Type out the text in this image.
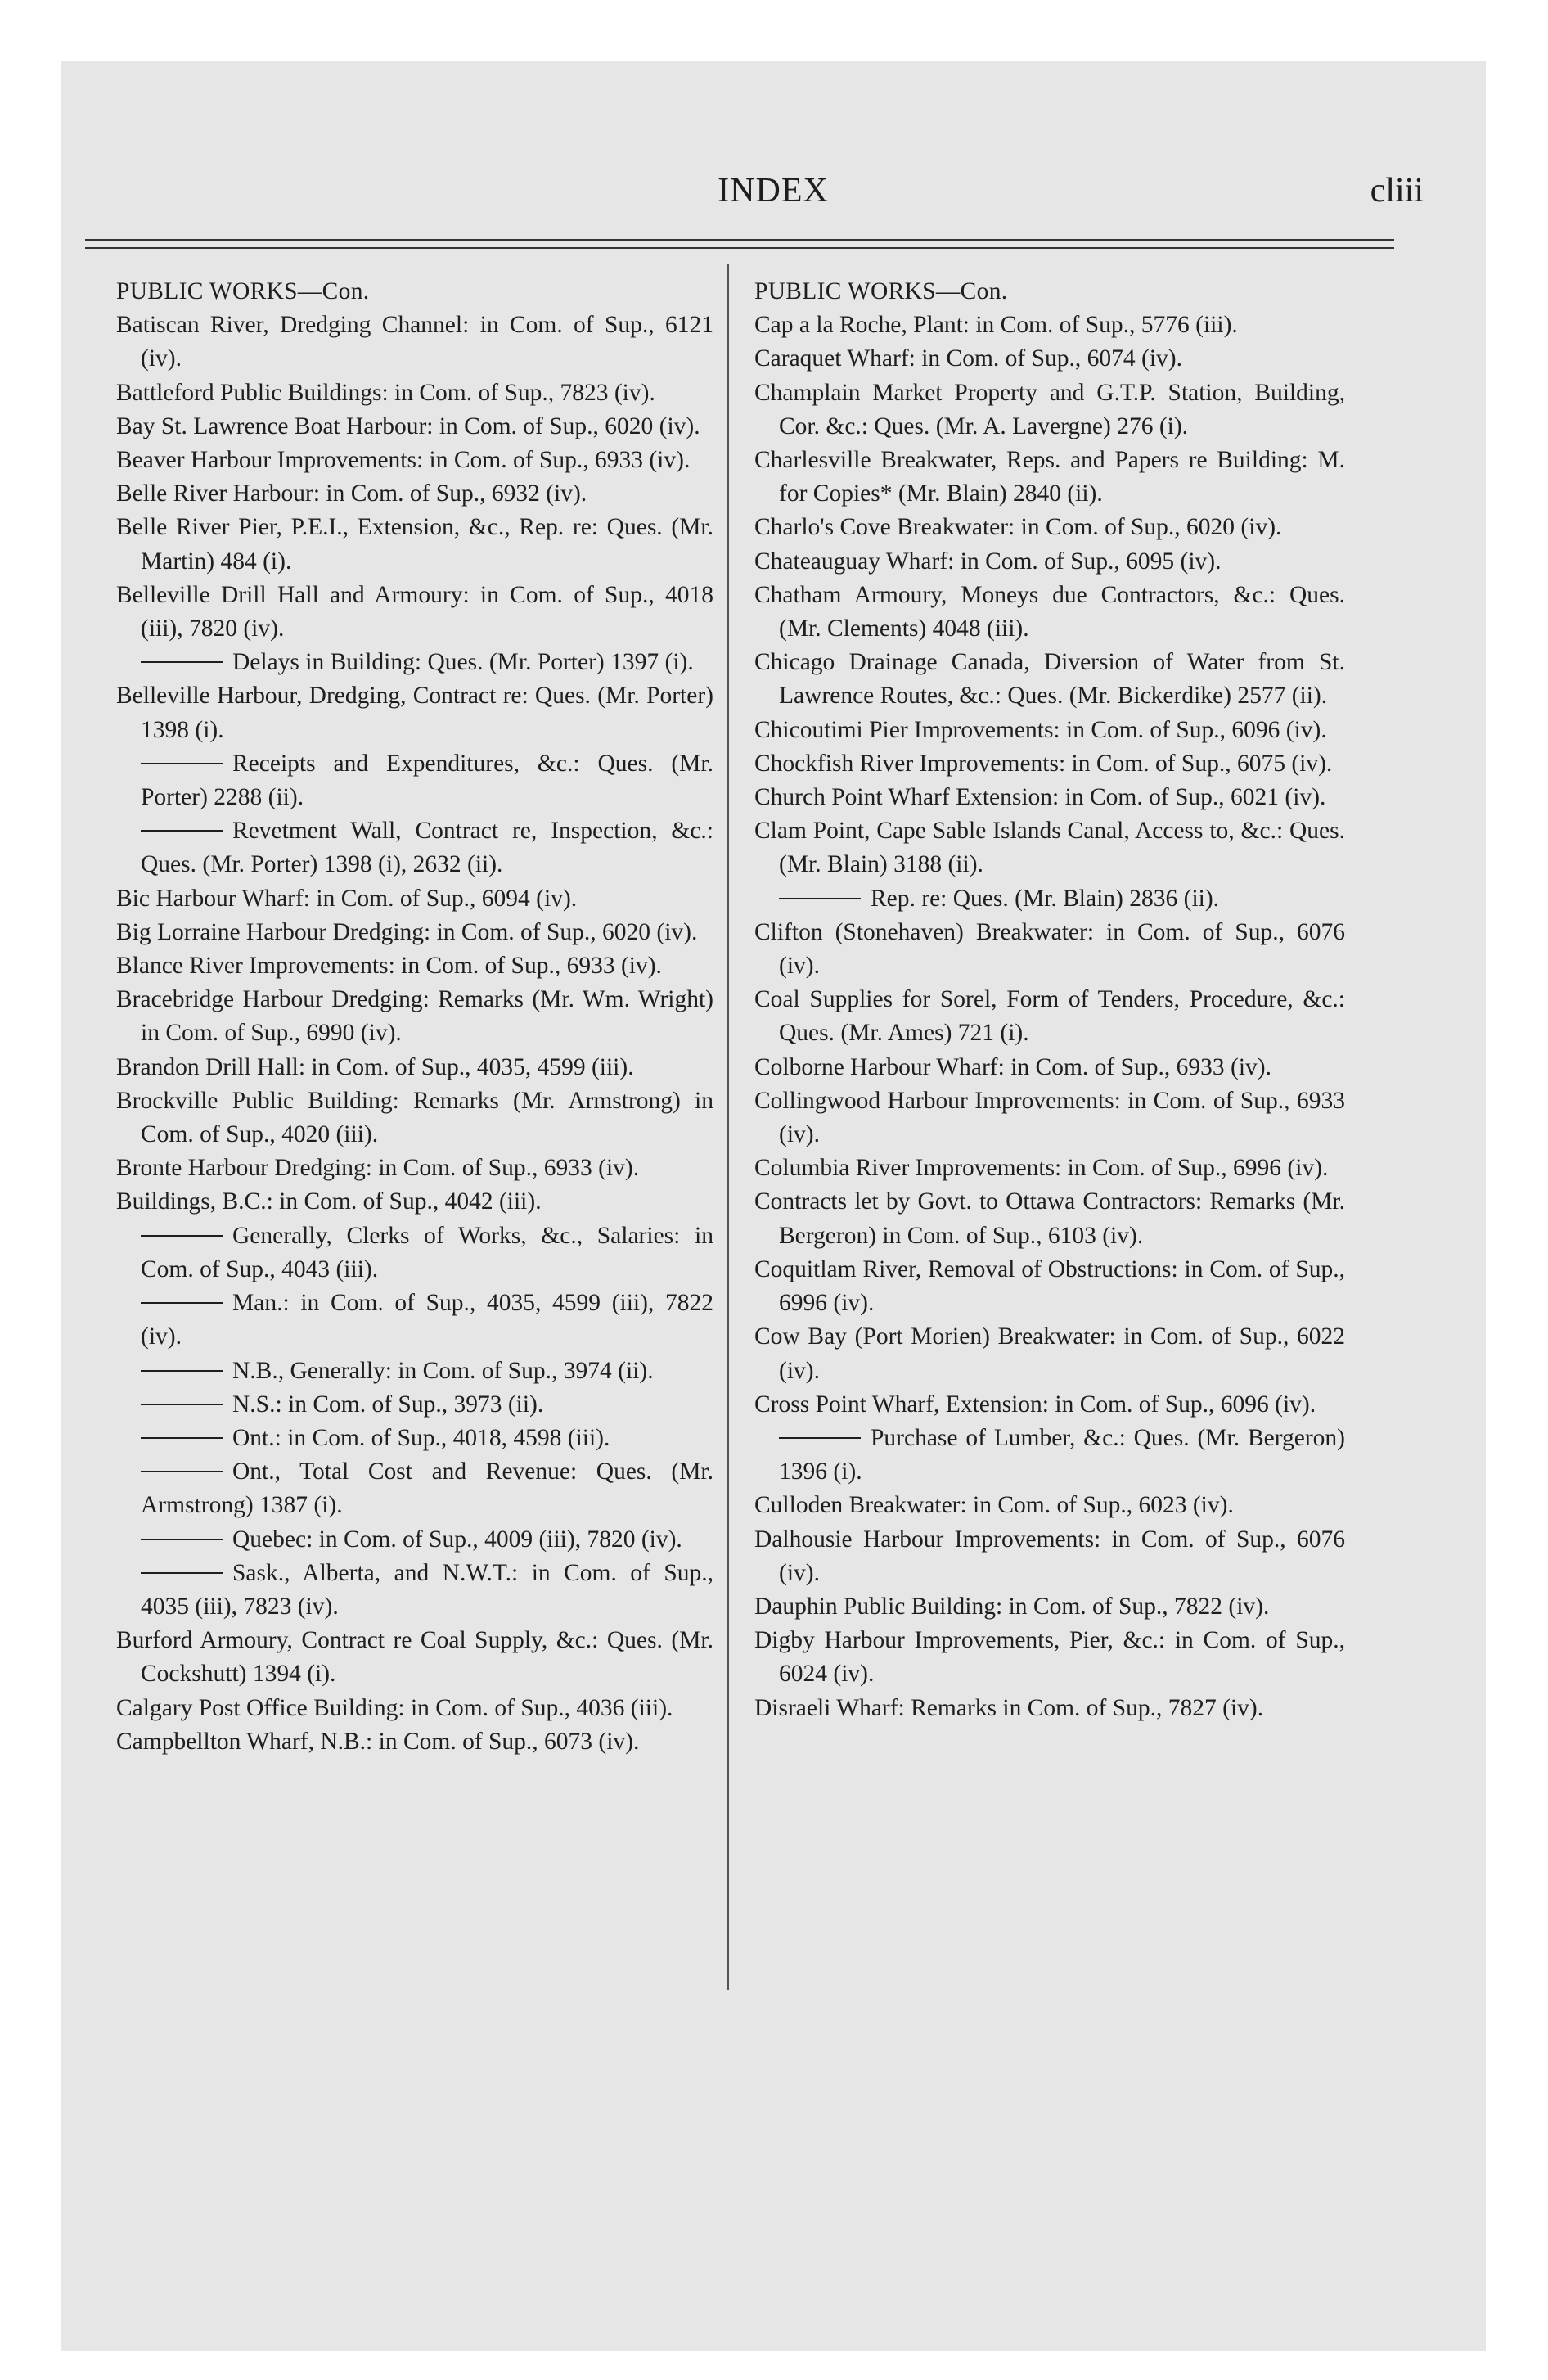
INDEX	cliii
PUBLIC WORKS—Con.
Batiscan River, Dredging Channel: in Com. of Sup., 6121 (iv).
Battleford Public Buildings: in Com. of Sup., 7823 (iv).
Bay St. Lawrence Boat Harbour: in Com. of Sup., 6020 (iv).
Beaver Harbour Improvements: in Com. of Sup., 6933 (iv).
Belle River Harbour: in Com. of Sup., 6932 (iv).
Belle River Pier, P.E.I., Extension, &c., Rep. re: Ques. (Mr. Martin) 484 (i).
Belleville Drill Hall and Armoury: in Com. of Sup., 4018 (iii), 7820 (iv).
Delays in Building: Ques. (Mr. Porter) 1397 (i).
Belleville Harbour, Dredging, Contract re: Ques. (Mr. Porter) 1398 (i).
Receipts and Expenditures, &c.: Ques. (Mr. Porter) 2288 (ii).
Revetment Wall, Contract re, Inspection, &c.: Ques. (Mr. Porter) 1398 (i), 2632 (ii).
Bic Harbour Wharf: in Com. of Sup., 6094 (iv).
Big Lorraine Harbour Dredging: in Com. of Sup., 6020 (iv).
Blance River Improvements: in Com. of Sup., 6933 (iv).
Bracebridge Harbour Dredging: Remarks (Mr. Wm. Wright) in Com. of Sup., 6990 (iv).
Brandon Drill Hall: in Com. of Sup., 4035, 4599 (iii).
Brockville Public Building: Remarks (Mr. Armstrong) in Com. of Sup., 4020 (iii).
Bronte Harbour Dredging: in Com. of Sup., 6933 (iv).
Buildings, B.C.: in Com. of Sup., 4042 (iii).
Generally, Clerks of Works, &c., Salaries: in Com. of Sup., 4043 (iii).
Man.: in Com. of Sup., 4035, 4599 (iii), 7822 (iv).
N.B., Generally: in Com. of Sup., 3974 (ii).
N.S.: in Com. of Sup., 3973 (ii).
Ont.: in Com. of Sup., 4018, 4598 (iii).
Ont., Total Cost and Revenue: Ques. (Mr. Armstrong) 1387 (i).
Quebec: in Com. of Sup., 4009 (iii), 7820 (iv).
Sask., Alberta, and N.W.T.: in Com. of Sup., 4035 (iii), 7823 (iv).
Burford Armoury, Contract re Coal Supply, &c.: Ques. (Mr. Cockshutt) 1394 (i).
Calgary Post Office Building: in Com. of Sup., 4036 (iii).
Campbellton Wharf, N.B.: in Com. of Sup., 6073 (iv).
PUBLIC WORKS—Con.
Cap a la Roche, Plant: in Com. of Sup., 5776 (iii).
Caraquet Wharf: in Com. of Sup., 6074 (iv).
Champlain Market Property and G.T.P. Station, Building, Cor. &c.: Ques. (Mr. A. Lavergne) 276 (i).
Charlesville Breakwater, Reps. and Papers re Building: M. for Copies* (Mr. Blain) 2840 (ii).
Charlo's Cove Breakwater: in Com. of Sup., 6020 (iv).
Chateauguay Wharf: in Com. of Sup., 6095 (iv).
Chatham Armoury, Moneys due Contractors, &c.: Ques. (Mr. Clements) 4048 (iii).
Chicago Drainage Canada, Diversion of Water from St. Lawrence Routes, &c.: Ques. (Mr. Bickerdike) 2577 (ii).
Chicoutimi Pier Improvements: in Com. of Sup., 6096 (iv).
Chockfish River Improvements: in Com. of Sup., 6075 (iv).
Church Point Wharf Extension: in Com. of Sup., 6021 (iv).
Clam Point, Cape Sable Islands Canal, Access to, &c.: Ques. (Mr. Blain) 3188 (ii).
Rep. re: Ques. (Mr. Blain) 2836 (ii).
Clifton (Stonehaven) Breakwater: in Com. of Sup., 6076 (iv).
Coal Supplies for Sorel, Form of Tenders, Procedure, &c.: Ques. (Mr. Ames) 721 (i).
Colborne Harbour Wharf: in Com. of Sup., 6933 (iv).
Collingwood Harbour Improvements: in Com. of Sup., 6933 (iv).
Columbia River Improvements: in Com. of Sup., 6996 (iv).
Contracts let by Govt. to Ottawa Contractors: Remarks (Mr. Bergeron) in Com. of Sup., 6103 (iv).
Coquitlam River, Removal of Obstructions: in Com. of Sup., 6996 (iv).
Cow Bay (Port Morien) Breakwater: in Com. of Sup., 6022 (iv).
Cross Point Wharf, Extension: in Com. of Sup., 6096 (iv).
Purchase of Lumber, &c.: Ques. (Mr. Bergeron) 1396 (i).
Culloden Breakwater: in Com. of Sup., 6023 (iv).
Dalhousie Harbour Improvements: in Com. of Sup., 6076 (iv).
Dauphin Public Building: in Com. of Sup., 7822 (iv).
Digby Harbour Improvements, Pier, &c.: in Com. of Sup., 6024 (iv).
Disraeli Wharf: Remarks in Com. of Sup., 7827 (iv).
